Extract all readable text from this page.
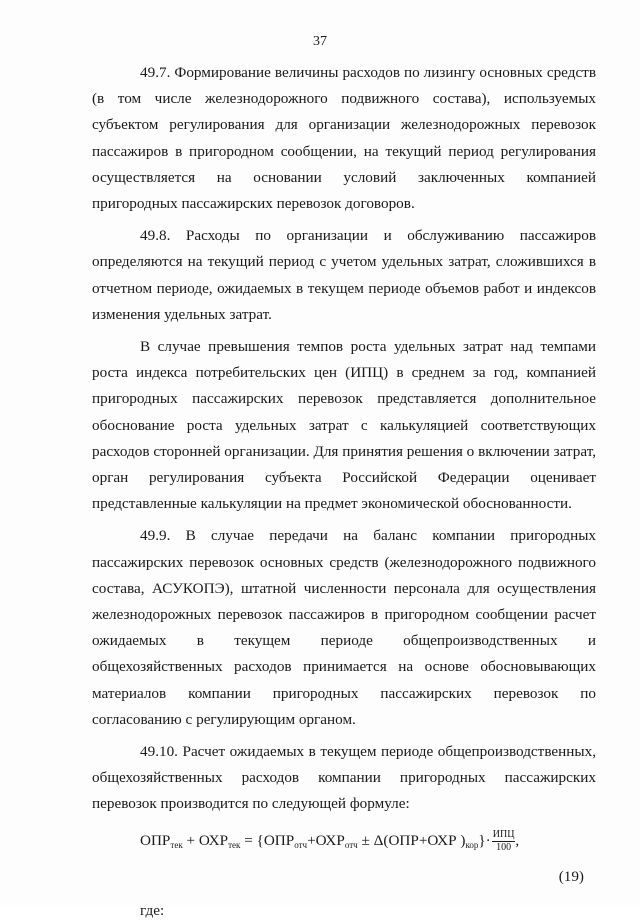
37

49.7. Формирование величины расходов по лизингу основных средств (в том числе железнодорожного подвижного состава), используемых субъектом регулирования для организации железнодорожных перевозок пассажиров в пригородном сообщении, на текущий период регулирования осуществляется на основании условий заключенных компанией пригородных пассажирских перевозок договоров.

49.8. Расходы по организации и обслуживанию пассажиров определяются на текущий период с учетом удельных затрат, сложившихся в отчетном периоде, ожидаемых в текущем периоде объемов работ и индексов изменения удельных затрат.

В случае превышения темпов роста удельных затрат над темпами роста индекса потребительских цен (ИПЦ) в среднем за год, компанией пригородных пассажирских перевозок представляется дополнительное обоснование роста удельных затрат с калькуляцией соответствующих расходов сторонней организации. Для принятия решения о включении затрат, орган регулирования субъекта Российской Федерации оценивает представленные калькуляции на предмет экономической обоснованности.

49.9. В случае передачи на баланс компании пригородных пассажирских перевозок основных средств (железнодорожного подвижного состава, АСУКОПЭ), штатной численности персонала для осуществления железнодорожных перевозок пассажиров в пригородном сообщении расчет ожидаемых в текущем периоде общепроизводственных и общехозяйственных расходов принимается на основе обосновывающих материалов компании пригородных пассажирских перевозок по согласованию с регулирующим органом.

49.10. Расчет ожидаемых в текущем периоде общепроизводственных, общехозяйственных расходов компании пригородных пассажирских перевозок производится по следующей формуле:

$ОПР_{тек} + ОХР_{тек} = \{ОПР_{отч}+ОХР_{отч} \pm \Delta(ОПР+ОХР$ )$_{кор}\}\cdot \frac{\text{ИПЦ}}{100}$ ,
(19)
где:
